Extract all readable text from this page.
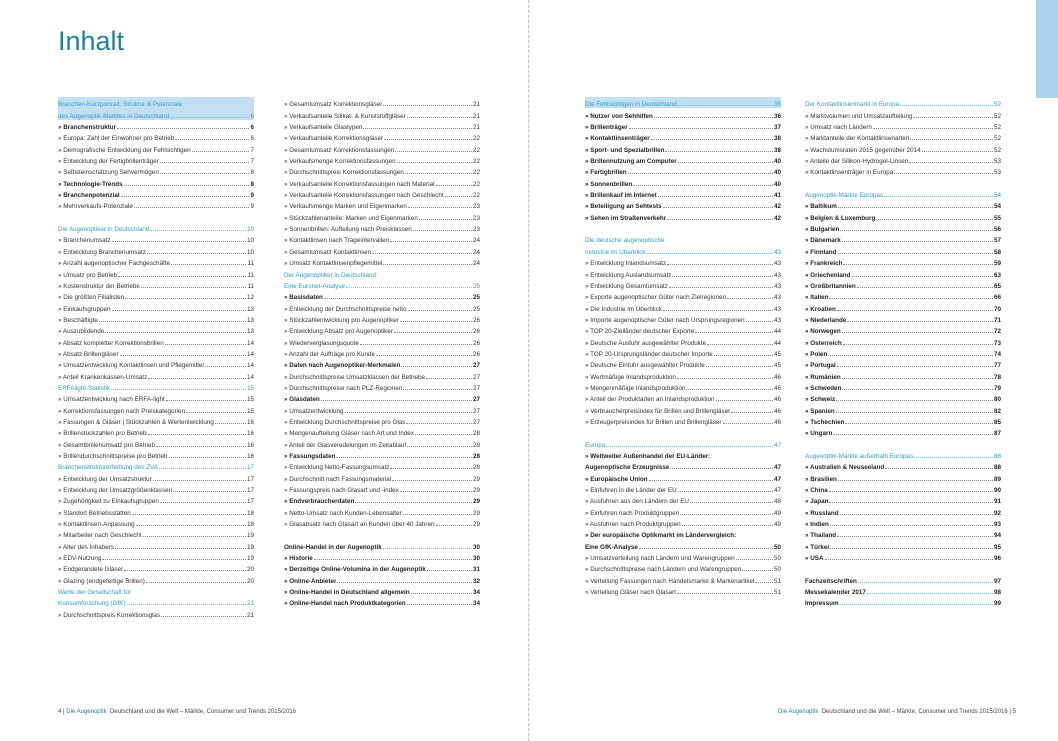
Inhalt
Branchen-Kurzportrait: Struktur & Potenziale
des Augenoptik-Marktes in Deutschland	6
» Branchenstruktur	6
» Europa: Zahl der Einwohner pro Betrieb	6
» Demografische Entwicklung der Fehlsichtigen	7
» Entwicklung der Fertigbrillenträger	7
» Selbsteinschätzung Sehvermögen	8
» Technologie-Trends	8
» Branchenpotenzial	9
» Mehrverkaufs-Potenziale	9
Die Augenoptiker in Deutschland	10
» Branchenumsatz	10
» Entwicklung Branchenumsatz	10
» Anzahl augenoptischer Fachgeschäfte	11
» Umsatz pro Betrieb	11
» Kostenstruktur der Betriebe	11
» Die größten Filialisten	12
» Einkaufsgruppen	13
» Beschäftigte	13
» Auszubildende	13
» Absatz kompletter Korrektionsbrillen	14
» Absatz Brillengläser	14
» Umsatzentwicklung Kontaktlinsen und Pflegemittel	14
» Anteil Krankenkassen-Umsatz	14
ERFAlight-Statistik	15
» Umsatzentwicklung nach ERFA-light	15
» Korrektionsfassungen nach Preiskategorien	15
» Fassungen & Gläser | Stückzahlen & Wertentwicklung	16
» Brillenstückzahlen pro Betrieb	16
» Gesamtbrillenumsatz pro Betrieb	16
» Brillendurchschnittspreise pro Betrieb	16
Branchenstrukturerhebung des ZVA	17
» Entwicklung der Umsatzstruktur	17
» Entwicklung der Umsatzgrößenklassen	17
» Zugehörigkeit zu Einkaufsgruppen	17
» Standort Betriebsstätten	18
» Kontaktlinsen-Anpassung	18
» Mitarbeiter nach Geschlecht	19
» Alter des Inhabers	19
» EDV-Nutzung	19
» Endgerandete Gläser	20
» Glazing (endgefertige Brillen)	20
Werte der Gesellschaft für
Konsumforschung (GfK)	21
» Durchschnittspreis Korrektionsglas	21
» Gesamtumsatz Korrektionsgläser	21
» Verkaufsanteile Silikat- & Kunststoffgläser	21
» Verkaufsanteile Glastypen	21
» Verkaufsanteile Korrektionsgläser	22
» Gesamtumsatz Korrektionsfassungen	22
» Verkaufsmenge Korrektionsfassungen	22
» Durchschnittspreis Korrektionsfassungen	22
» Verkaufsanteile Korrektionsfassungen nach Material	22
» Verkaufsanteile Korrektionsfassungen nach Geschlecht	22
» Verkaufsmenge Marken und Eigenmarken	23
» Stückzahlenanteile: Marken und Eigenmarken	23
» Sonnenbrillen: Aufteilung nach Preisklassen	23
» Kontaktlinsen nach Trageintervallen	24
» Gesamtumsatz Kontaktlinsen	24
» Umsatz Kontaktlinsenpflegemittel	24
Der Augenoptiker in Deutschland:
Eine Euronet-Analyse	25
» Basisdaten	25
» Entwicklung der Durchschnittspreise netto	25
» Stückzahlentwicklung pro Augenoptiker	26
» Entwicklung Absatz pro Augenoptiker	26
» Wiederverglasungsquote	26
» Anzahl der Aufträge pro Kunde	26
» Daten nach Augenoptiker-Merkmalen	27
» Durchschnittspreise Umsatzklassen der Betriebe	27
» Durchschnittspreise nach PLZ-Regionen	27
» Glasdaten	27
» Umsatzentwicklung	27
» Entwicklung Durchschnittspreise pro Glas	27
» Mengenaufteilung Gläser nach Art und Index	28
» Anteil der Glasveredelungen im Zeitablauf	28
» Fassungsdaten	28
» Entwicklung Netto-Fassungsumsatz	28
» Durchschnitt nach Fassungsmaterial	29
» Fassungspreis nach Glasart und -index	29
» Endverbraucherdaten	29
» Netto-Umsatz nach Kunden-Lebensalter	29
» Glasabsatz nach Glasart an Kunden über 40 Jahren	29
Online-Handel in der Augenoptik	30
» Historie	30
» Derzeitige Online-Volumina in der Augenoptik	31
» Online-Anbieter	32
» Online-Handel in Deutschland allgemein	34
» Online-Handel nach Produktkategorien	34
4 | Die Augenoptik Deutschland und die Welt – Märkte, Consumer und Trends 2015/2016
Die Fehlsichtigen in Deutschland	35
» Nutzer von Sehhilfen	36
» Brillenträger	37
» Kontaktlinsenträger	38
» Sport- und Spezialbrillen	38
» Brillennutzung am Computer	40
» Fertigbrillen	40
» Sonnenbrillen	40
» Brillenkauf im Internet	41
» Beteiligung an Sehtests	42
» Sehen im Straßenverkehr	42
Die deutsche augenoptische
Industrie im Überblick	43
» Entwicklung Inlandsumsatz	43
» Entwicklung Auslandsumsatz	43
» Entwicklung Gesamtumsatz	43
» Exporte augenoptischer Güter nach Zielregionen	43
» Die Industrie im Überblick	43
» Importe augenoptischer Güter nach Ursprungsregionen	43
» TOP 20-Zielländer deutscher Exporte	44
» Deutsche Ausfuhr ausgewählter Produkte	44
» TOP 20-Ursprungsländer deutscher Importe	45
» Deutsche Einfuhr ausgewählter Produkte	45
» Wertmäßige Inlandsproduktion	46
» Mengenmäßige Inlandsproduktion	46
» Anteil der Produktarten an Inlandsproduktion	46
» Verbraucherpreisindex für Brillen und Brillengläser	46
» Erzeugerpreisindex für Brillen und Brillengläser	46
Europa	47
» Weltweiter Außenhandel der EU-Länder:
Augenoptische Erzeugnisse	47
» Europäische Union	47
» Einfuhren in die Länder der EU	47
» Ausfuhren aus den Ländern der EU	48
» Einfuhren nach Produktgruppen	49
» Ausfuhren nach Produktgruppen	49
» Der europäische Optikmarkt im Ländervergleich:
Eine GfK-Analyse	50
» Umsatzverteilung nach Ländern und Warengruppen	50
» Durchschnittspreise nach Ländern und Warengruppen	50
» Verteilung Fassungen nach Handelsmarke & Markenartikel	51
» Verteilung Gläser nach Glasart	51
Der Kontaktlinsenmarkt in Europa	52
» Marktvolumen und Umsatzaufteilung	52
» Umsatz nach Ländern	52
» Marktanteile der Kontaktlinsenarten	52
» Wachstumsraten 2015 gegenüber 2014	52
» Anteile der Silikon-Hydrogel-Linsen	53
» Kontaktlinsenträger in Europa	53
Augenoptik-Märkte Europas	54
» Baltikum	54
» Belgien & Luxemburg	55
» Bulgarien	56
» Dänemark	57
» Finnland	58
» Frankreich	59
» Griechenland	63
» Großbritannien	65
» Italien	66
» Kroatien	70
» Niederlande	71
» Norwegen	72
» Österreich	73
» Polen	74
» Portugal	77
» Rumänien	78
» Schweden	79
» Schweiz	80
» Spanien	82
» Tschechien	85
» Ungarn	87
Augenoptik-Märkte außerhalb Europas	88
» Australien & Neuseeland	88
» Brasilien	89
» China	90
» Japan	91
» Russland	92
» Indien	93
» Thailand	94
» Türkei	95
» USA	96
Fachzeitschriften	97
Messekalender 2017	98
Impressum	99
Die Augenoptik Deutschland und die Welt – Märkte, Consumer und Trends 2015/2016 | 5
